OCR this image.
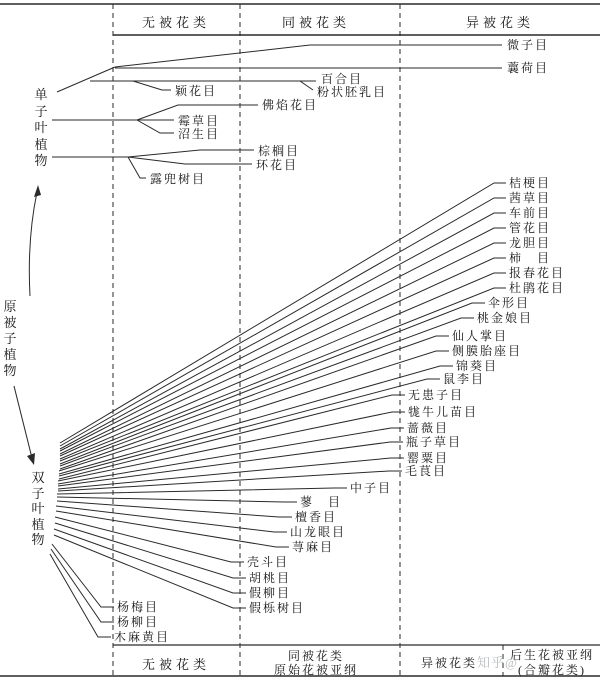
无被花类	同被花类	异被花类
单子叶植物
原被子植物
双子叶植物
微子目
蘘荷目
百合目
粉状胚乳目
颖花目
佛焰花目
霉草目
沼生目
棕榈目
环花目
露兜树目	桔梗目
茜草目
车前目
管花目
龙胆目
柿　目
报春花目
杜鹃花目
伞形目
桃金娘目
仙人掌目
侧膜胎座目
锦葵目
鼠李目
无患子目
牻牛儿苗目
蔷薇目
瓶子草目
罂粟目
毛茛目
中子目
蓼　目
檀香目
山龙眼目
荨麻目
壳斗目
胡桃目
假柳目
假栎树目
杨梅目
杨柳目
木麻黄目
无被花类
同被花类
原始花被亚纲	异被花类
后生花被亚纲
(合瓣花类)
知乎@
